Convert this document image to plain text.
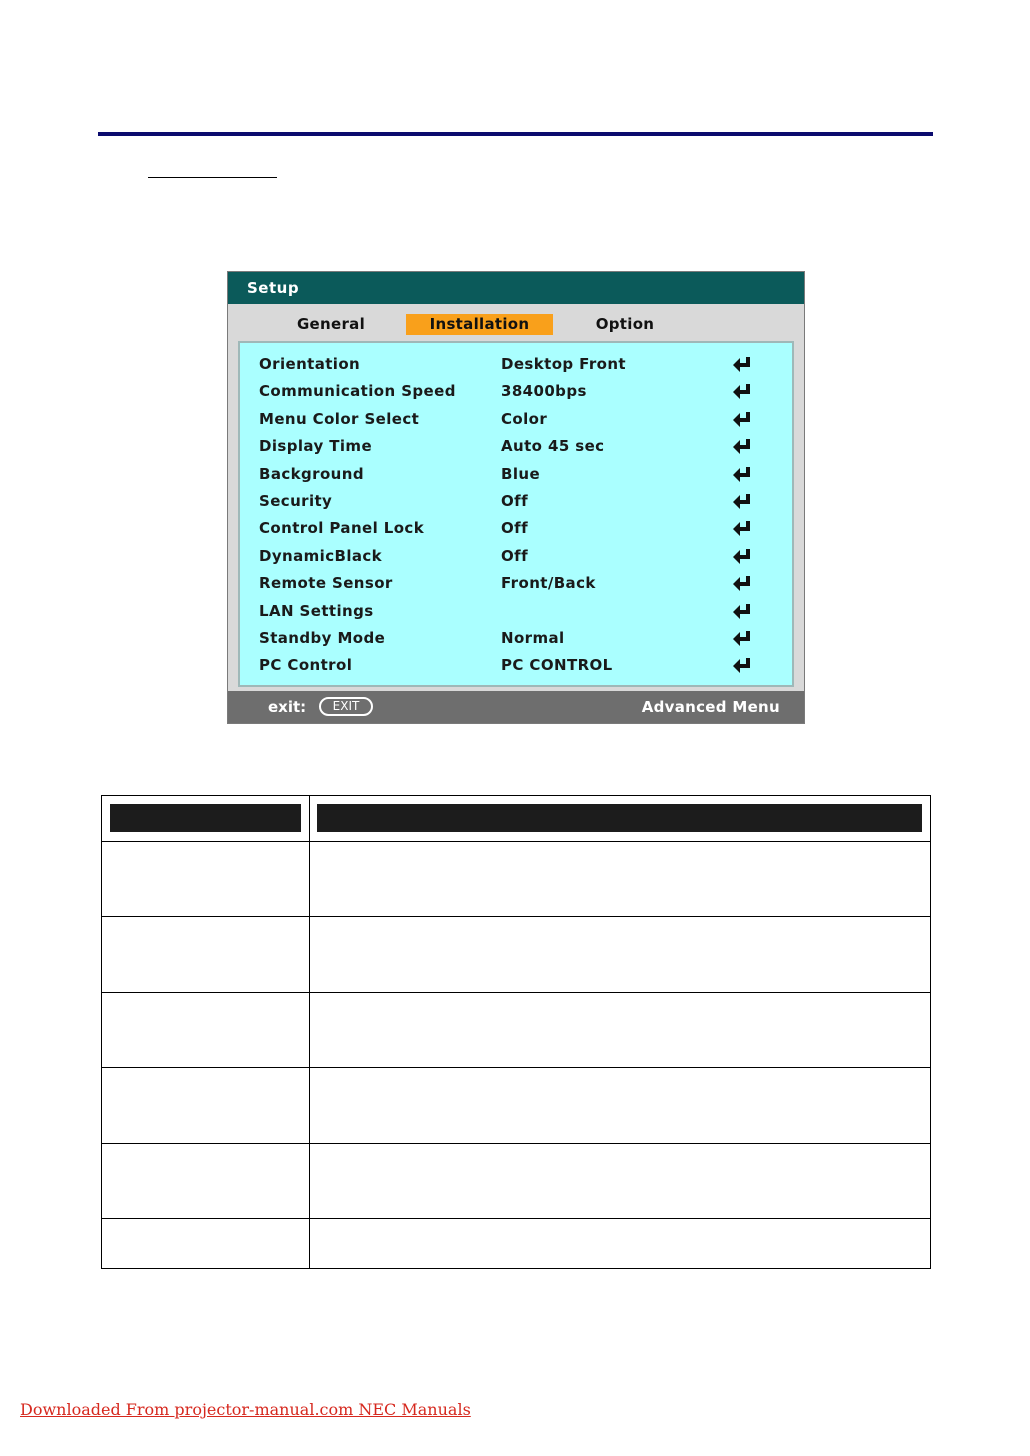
Setup
General	Installation	Option
Orientation	Desktop Front
Communication Speed	38400bps
Menu Color Select	Color
Display Time	Auto 45 sec
Background	Blue
Security	Off
Control Panel Lock	Off
DynamicBlack	Off
Remote Sensor	Front/Back
LAN Settings
Standby Mode	Normal
PC Control	PC CONTROL
exit:	EXIT	Advanced Menu
Downloaded From projector-manual.com NEC Manuals
